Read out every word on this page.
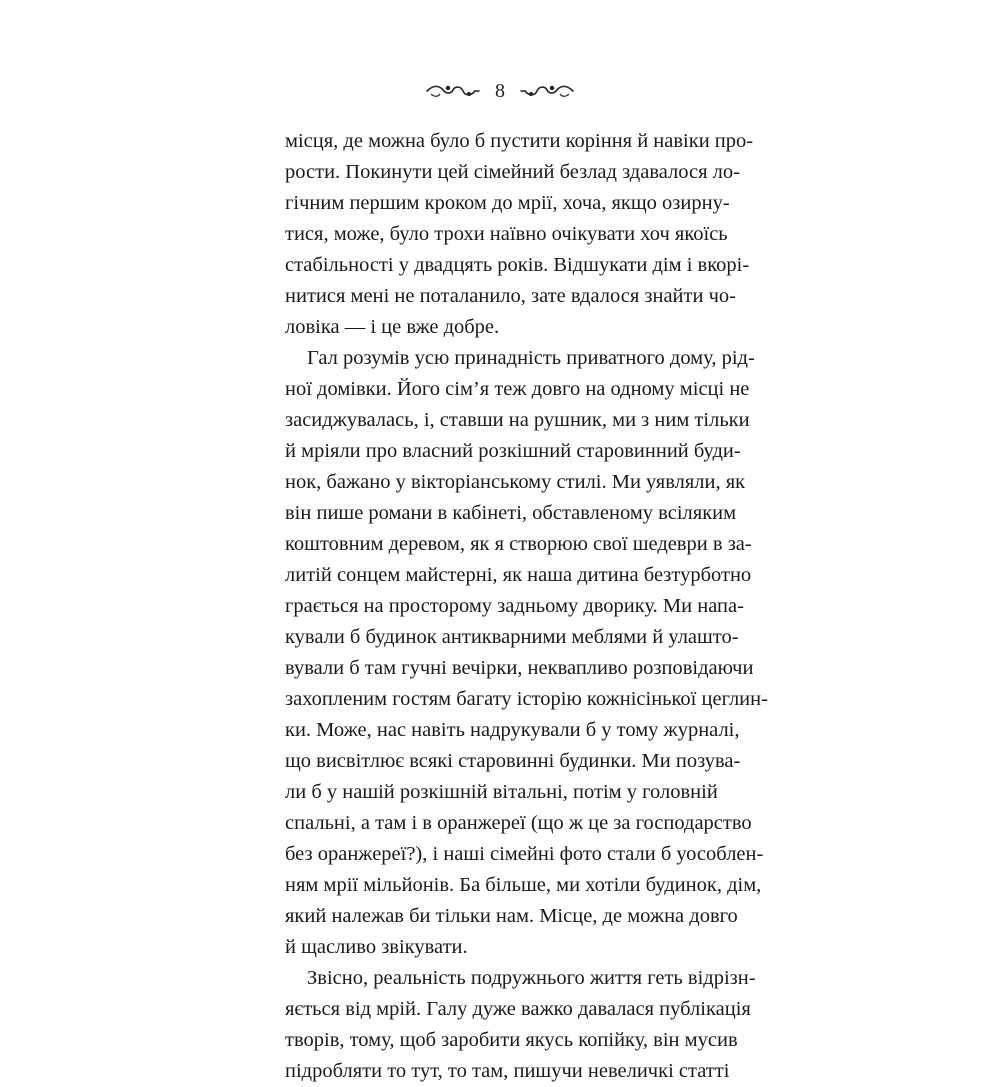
8
місця, де можна було б пустити коріння й навіки про-
рости. Покинути цей сімейний безлад здавалося ло-
гічним першим кроком до мрії, хоча, якщо озирну-
тися, може, було трохи наївно очікувати хоч якоїсь
стабільності у двадцять років. Відшукати дім і вкорі-
нитися мені не поталанило, зате вдалося знайти чо-
ловіка — і це вже добре.
Гал розумів усю принадність приватного дому, рід-
ної домівки. Його сім’я теж довго на одному місці не
засиджувалась, і, ставши на рушник, ми з ним тільки
й мріяли про власний розкішний старовинний буди-
нок, бажано у вікторіанському стилі. Ми уявляли, як
він пише романи в кабінеті, обставленому всіляким
коштовним деревом, як я створюю свої шедеври в за-
литій сонцем майстерні, як наша дитина безтурботно
грається на просторому задньому дворику. Ми напа-
кували б будинок антикварними меблями й улашто-
вували б там гучні вечірки, неквапливо розповідаючи
захопленим гостям багату історію кожнісінької цеглин-
ки. Може, нас навіть надрукували б у тому журналі,
що висвітлює всякі старовинні будинки. Ми позува-
ли б у нашій розкішній вітальні, потім у головній
спальні, а там і в оранжереї (що ж це за господарство
без оранжереї?), і наші сімейні фото стали б уособлен-
ням мрії мільйонів. Ба більше, ми хотіли будинок, дім,
який належав би тільки нам. Місце, де можна довго
й щасливо звікувати.
Звісно, реальність подружнього життя геть відрізн-
яється від мрій. Галу дуже важко давалася публікація
творів, тому, щоб заробити якусь копійку, він мусив
підробляти то тут, то там, пишучи невеличкі статті
